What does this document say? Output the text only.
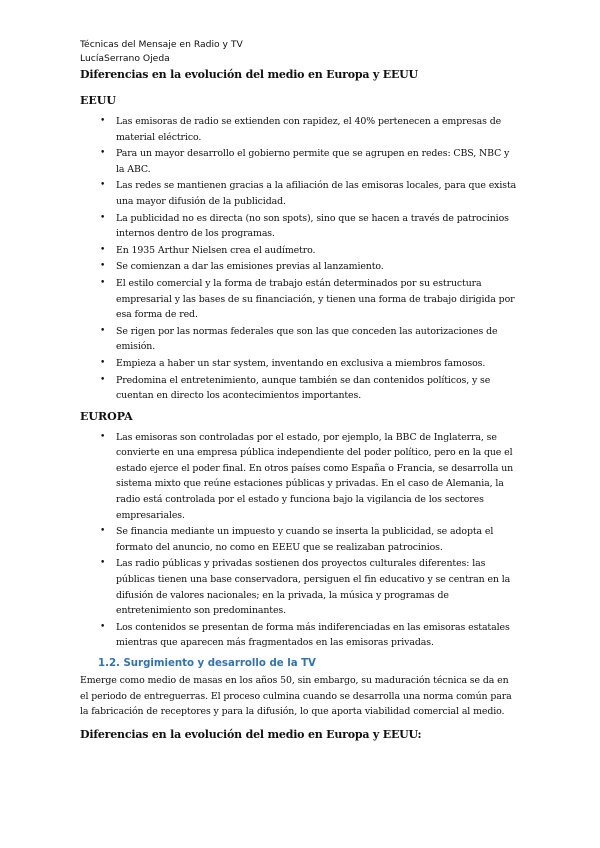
Técnicas del Mensaje en Radio y TV
LucíaSerrano Ojeda
Diferencias en la evolución del medio en Europa y EEUU
EEUU
• Las emisoras de radio se extienden con rapidez, el 40% pertenecen a empresas de material eléctrico.
• Para un mayor desarrollo el gobierno permite que se agrupen en redes: CBS, NBC y la ABC.
• Las redes se mantienen gracias a la afiliación de las emisoras locales, para que exista una mayor difusión de la publicidad.
• La publicidad no es directa (no son spots), sino que se hacen a través de patrocinios internos dentro de los programas.
• En 1935 Arthur Nielsen crea el audímetro.
• Se comienzan a dar las emisiones previas al lanzamiento.
• El estilo comercial y la forma de trabajo están determinados por su estructura empresarial y las bases de su financiación, y tienen una forma de trabajo dirigida por esa forma de red.
• Se rigen por las normas federales que son las que conceden las autorizaciones de emisión.
• Empieza a haber un star system, inventando en exclusiva a miembros famosos.
• Predomina el entretenimiento, aunque también se dan contenidos políticos, y se cuentan en directo los acontecimientos importantes.
EUROPA
• Las emisoras son controladas por el estado, por ejemplo, la BBC de Inglaterra, se convierte en una empresa pública independiente del poder político, pero en la que el estado ejerce el poder final. En otros países como España o Francia, se desarrolla un sistema mixto que reúne estaciones públicas y privadas. En el caso de Alemania, la radio está controlada por el estado y funciona bajo la vigilancia de los sectores empresariales.
• Se financia mediante un impuesto y cuando se inserta la publicidad, se adopta el formato del anuncio, no como en EEEU que se realizaban patrocinios.
• Las radio públicas y privadas sostienen dos proyectos culturales diferentes: las públicas tienen una base conservadora, persiguen el fin educativo y se centran en la difusión de valores nacionales; en la privada, la música y programas de entretenimiento son predominantes.
• Los contenidos se presentan de forma más indiferenciadas en las emisoras estatales mientras que aparecen más fragmentados en las emisoras privadas.
1.2. Surgimiento y desarrollo de la TV

Emerge como medio de masas en los años 50, sin embargo, su maduración técnica se da en el periodo de entreguerras. El proceso culmina cuando se desarrolla una norma común para la fabricación de receptores y para la difusión, lo que aporta viabilidad comercial al medio.

Diferencias en la evolución del medio en Europa y EEUU:
